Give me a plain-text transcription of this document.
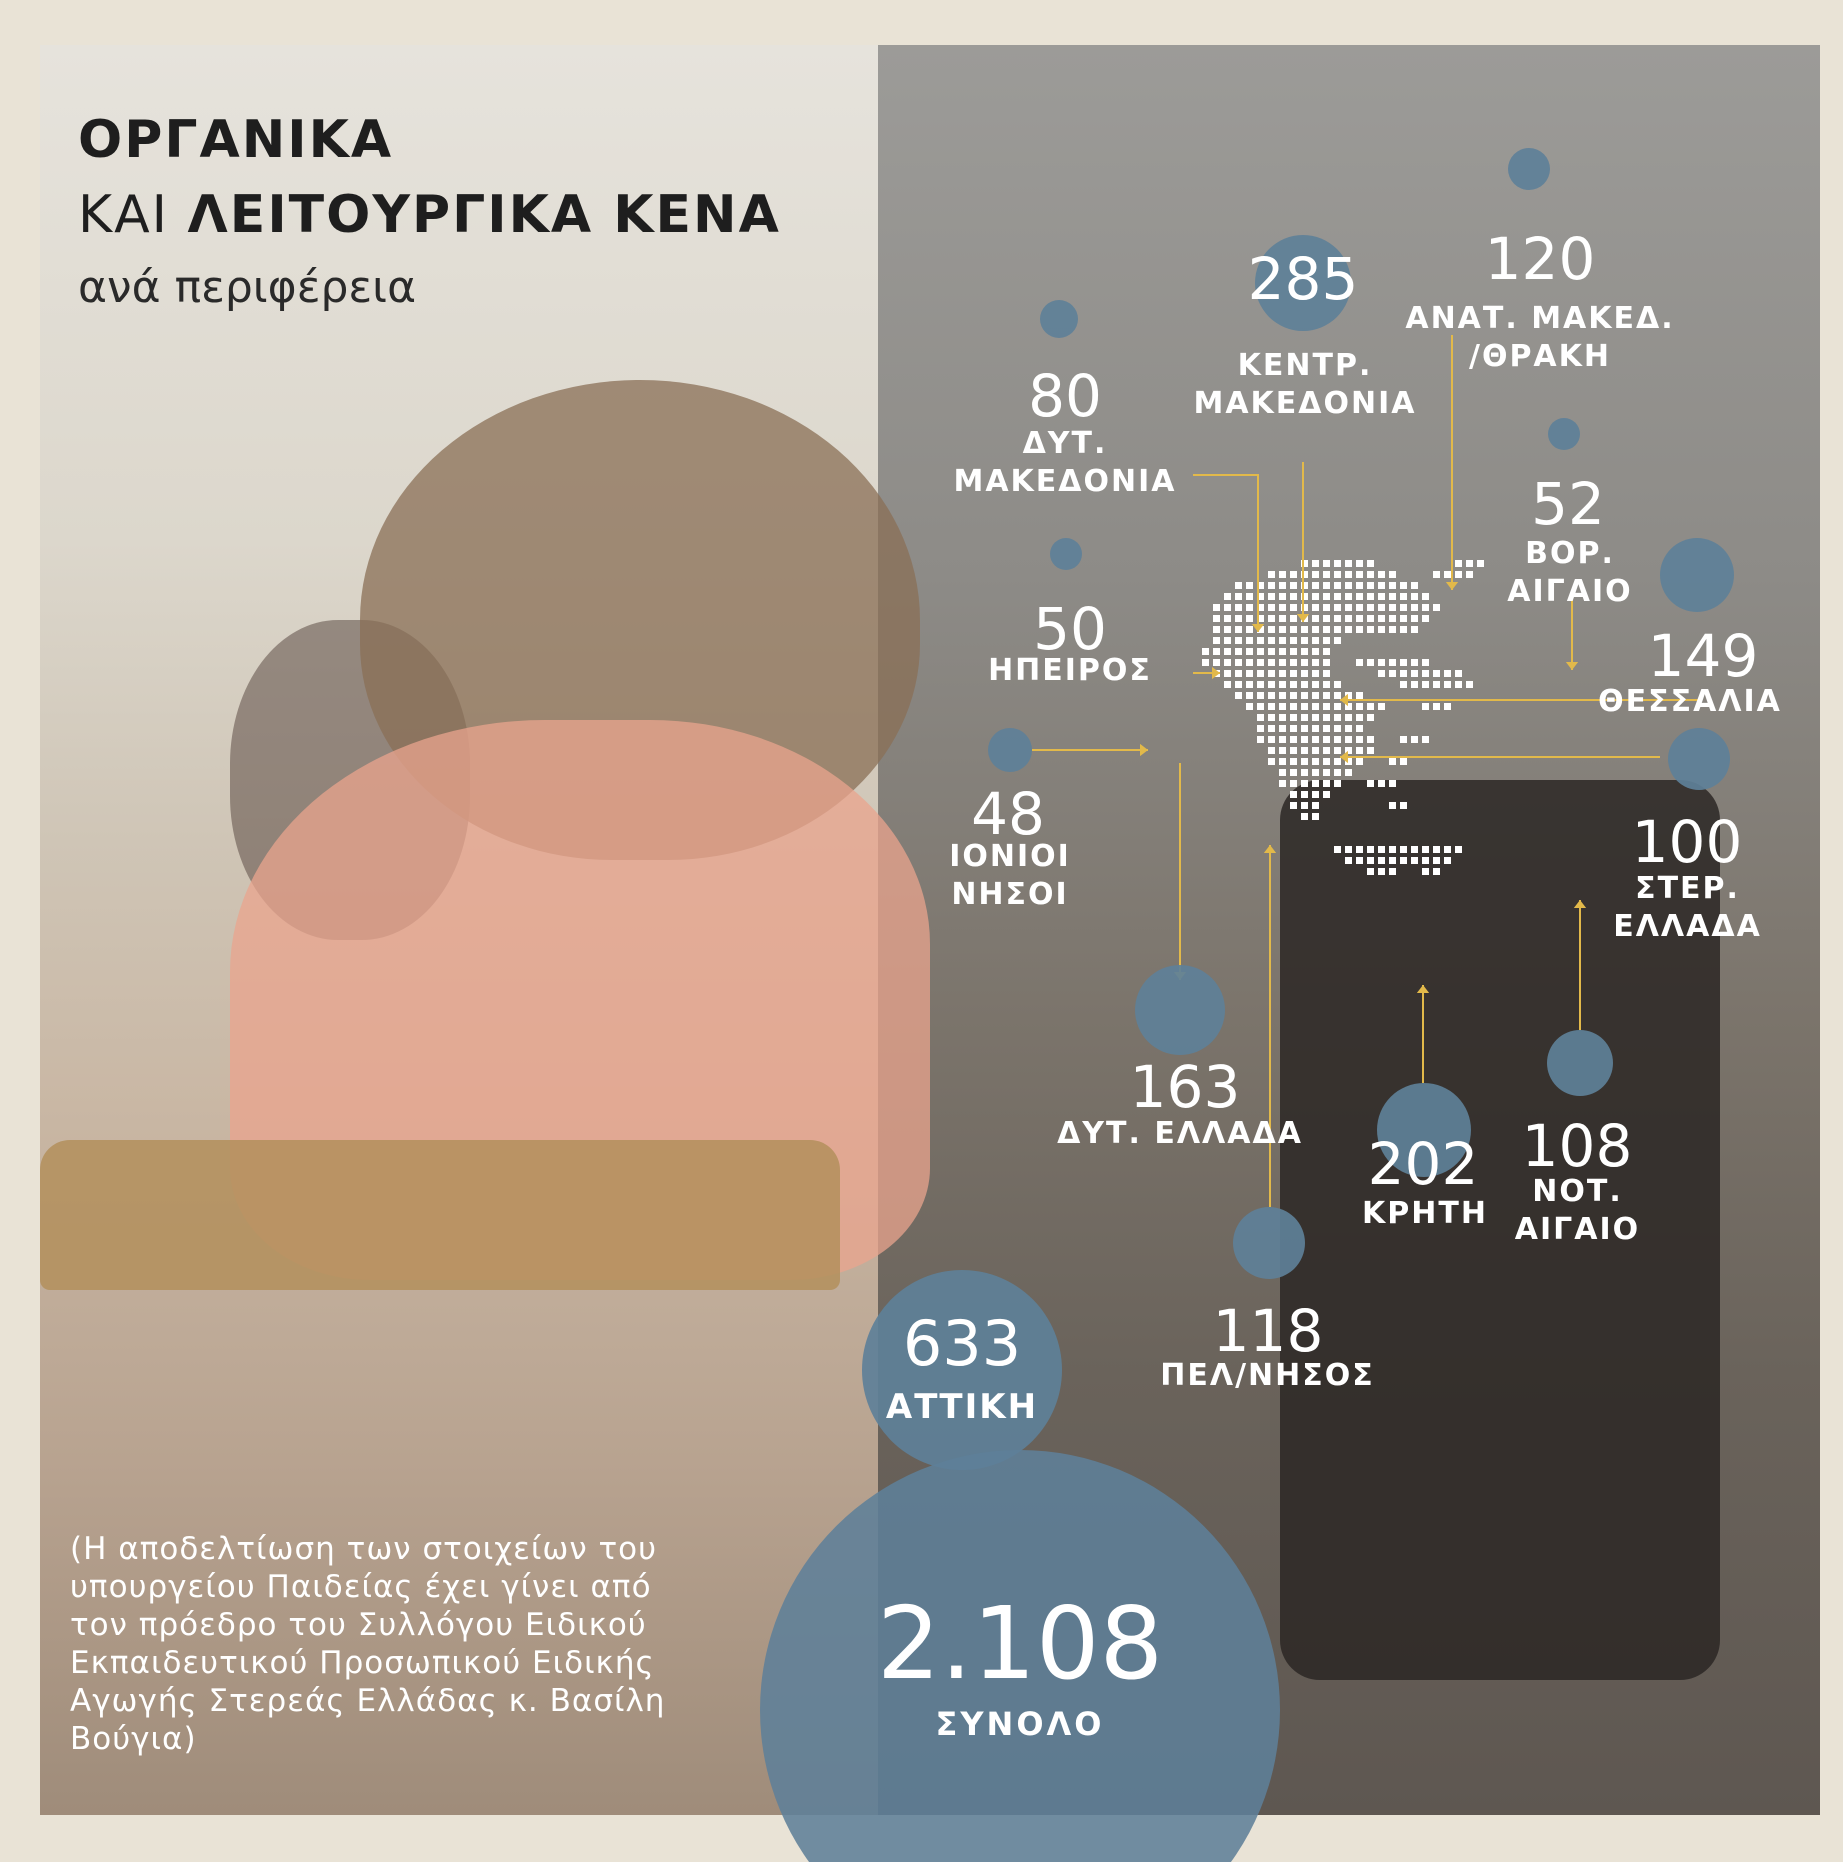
ΟΡΓΑΝΙΚΑ
ΚΑΙ ΛΕΙΤΟΥΡΓΙΚΑ ΚΕΝΑ
ανά περιφέρεια	120
ΑΝΑΤ. ΜΑΚΕΔ.
/ΘΡΑΚΗ
285
ΚΕΝΤΡ.
ΜΑΚΕΔΟΝΙΑ
80
ΔΥΤ.
ΜΑΚΕΔΟΝΙΑ	52
ΒΟΡ.
ΑΙΓΑΙΟ
50
ΗΠΕΙΡΟΣ	149
ΘΕΣΣΑΛΙΑ
48
ΙΟΝΙΟΙ
ΝΗΣΟΙ
100
ΣΤΕΡ.
ΕΛΛΑΔΑ
163
ΔΥΤ. ΕΛΛΑΔΑ	202
ΚΡΗΤΗ
108
ΝΟΤ.
ΑΙΓΑΙΟ
118
ΠΕΛ/ΝΗΣΟΣ
633
ΑΤΤΙΚΗ
2.108
ΣΥΝΟΛΟ
(Η αποδελτίωση των στοιχείων του υπουργείου Παιδείας έχει γίνει από τον πρόεδρο του Συλλόγου Ειδικού Εκπαιδευτικού Προσωπικού Ειδικής Αγωγής Στερεάς Ελλάδας κ. Βασίλη Βούγια)
